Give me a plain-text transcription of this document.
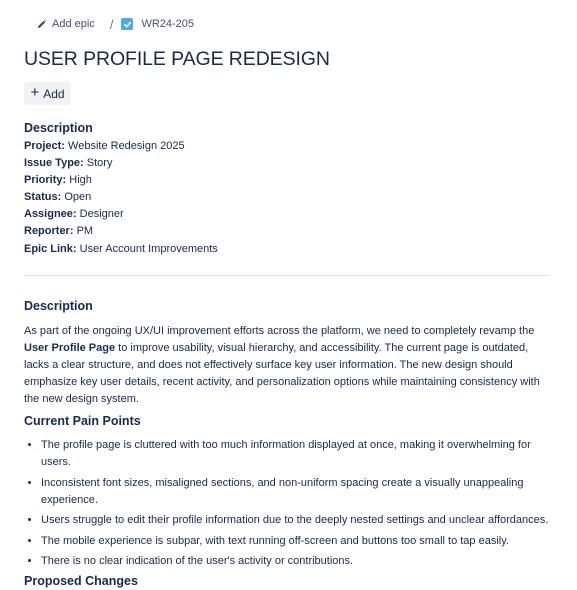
Add epic /	WR24-205
USER PROFILE PAGE REDESIGN
+ Add
Description
Project: Website Redesign 2025
Issue Type: Story
Priority: High
Status: Open
Assignee: Designer
Reporter: PM
Epic Link: User Account Improvements
Description
As part of the ongoing UX/UI improvement efforts across the platform, we need to completely revamp the User Profile Page to improve usability, visual hierarchy, and accessibility. The current page is outdated, lacks a clear structure, and does not effectively surface key user information. The new design should emphasize key user details, recent activity, and personalization options while maintaining consistency with the new design system.
Current Pain Points
• The profile page is cluttered with too much information displayed at once, making it overwhelming for users.
• Inconsistent font sizes, misaligned sections, and non-uniform spacing create a visually unappealing experience.
• Users struggle to edit their profile information due to the deeply nested settings and unclear affordances.
• The mobile experience is subpar, with text running off-screen and buttons too small to tap easily.
• There is no clear indication of the user's activity or contributions.
Proposed Changes
